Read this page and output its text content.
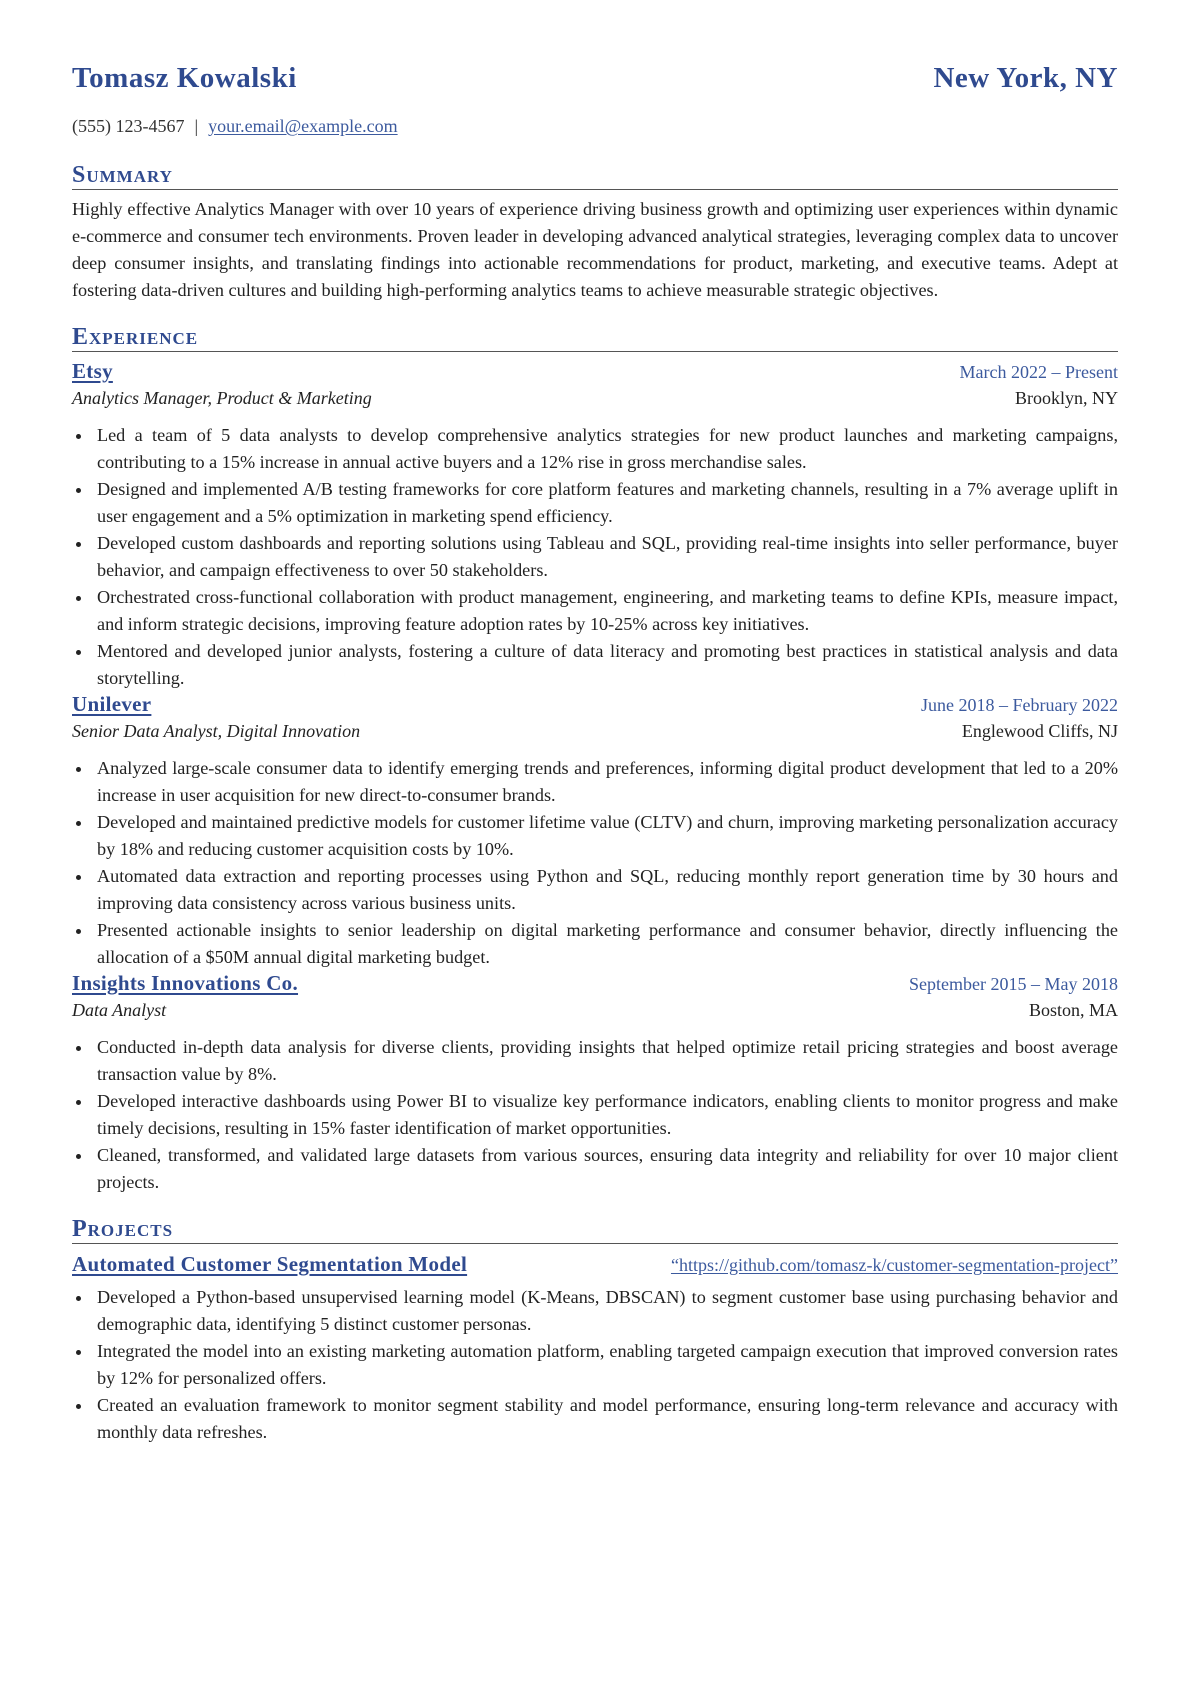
Tomasz Kowalski	New York, NY
(555) 123-4567 | your.email@example.com
Summary
Highly effective Analytics Manager with over 10 years of experience driving business growth and optimizing user experiences within dynamic e-commerce and consumer tech environments. Proven leader in developing advanced analytical strategies, leveraging complex data to uncover deep consumer insights, and translating findings into actionable recommendations for product, marketing, and executive teams. Adept at fostering data-driven cultures and building high-performing analytics teams to achieve measurable strategic objectives.
Experience
Etsy	March 2022 – Present
Analytics Manager, Product & Marketing	Brooklyn, NY
Led a team of 5 data analysts to develop comprehensive analytics strategies for new product launches and marketing campaigns, contributing to a 15% increase in annual active buyers and a 12% rise in gross merchandise sales.
Designed and implemented A/B testing frameworks for core platform features and marketing channels, resulting in a 7% average uplift in user engagement and a 5% optimization in marketing spend efficiency.
Developed custom dashboards and reporting solutions using Tableau and SQL, providing real-time insights into seller performance, buyer behavior, and campaign effectiveness to over 50 stakeholders.
Orchestrated cross-functional collaboration with product management, engineering, and marketing teams to define KPIs, measure impact, and inform strategic decisions, improving feature adoption rates by 10-25% across key initiatives.
Mentored and developed junior analysts, fostering a culture of data literacy and promoting best practices in statistical analysis and data storytelling.
Unilever	June 2018 – February 2022
Senior Data Analyst, Digital Innovation	Englewood Cliffs, NJ
Analyzed large-scale consumer data to identify emerging trends and preferences, informing digital product development that led to a 20% increase in user acquisition for new direct-to-consumer brands.
Developed and maintained predictive models for customer lifetime value (CLTV) and churn, improving marketing personalization accuracy by 18% and reducing customer acquisition costs by 10%.
Automated data extraction and reporting processes using Python and SQL, reducing monthly report generation time by 30 hours and improving data consistency across various business units.
Presented actionable insights to senior leadership on digital marketing performance and consumer behavior, directly influencing the allocation of a $50M annual digital marketing budget.
Insights Innovations Co.	September 2015 – May 2018
Data Analyst	Boston, MA
Conducted in-depth data analysis for diverse clients, providing insights that helped optimize retail pricing strategies and boost average transaction value by 8%.
Developed interactive dashboards using Power BI to visualize key performance indicators, enabling clients to monitor progress and make timely decisions, resulting in 15% faster identification of market opportunities.
Cleaned, transformed, and validated large datasets from various sources, ensuring data integrity and reliability for over 10 major client projects.
Projects
Automated Customer Segmentation Model	“https://github.com/tomasz-k/customer-segmentation-project”
Developed a Python-based unsupervised learning model (K-Means, DBSCAN) to segment customer base using purchasing behavior and demographic data, identifying 5 distinct customer personas.
Integrated the model into an existing marketing automation platform, enabling targeted campaign execution that improved conversion rates by 12% for personalized offers.
Created an evaluation framework to monitor segment stability and model performance, ensuring long-term relevance and accuracy with monthly data refreshes.
